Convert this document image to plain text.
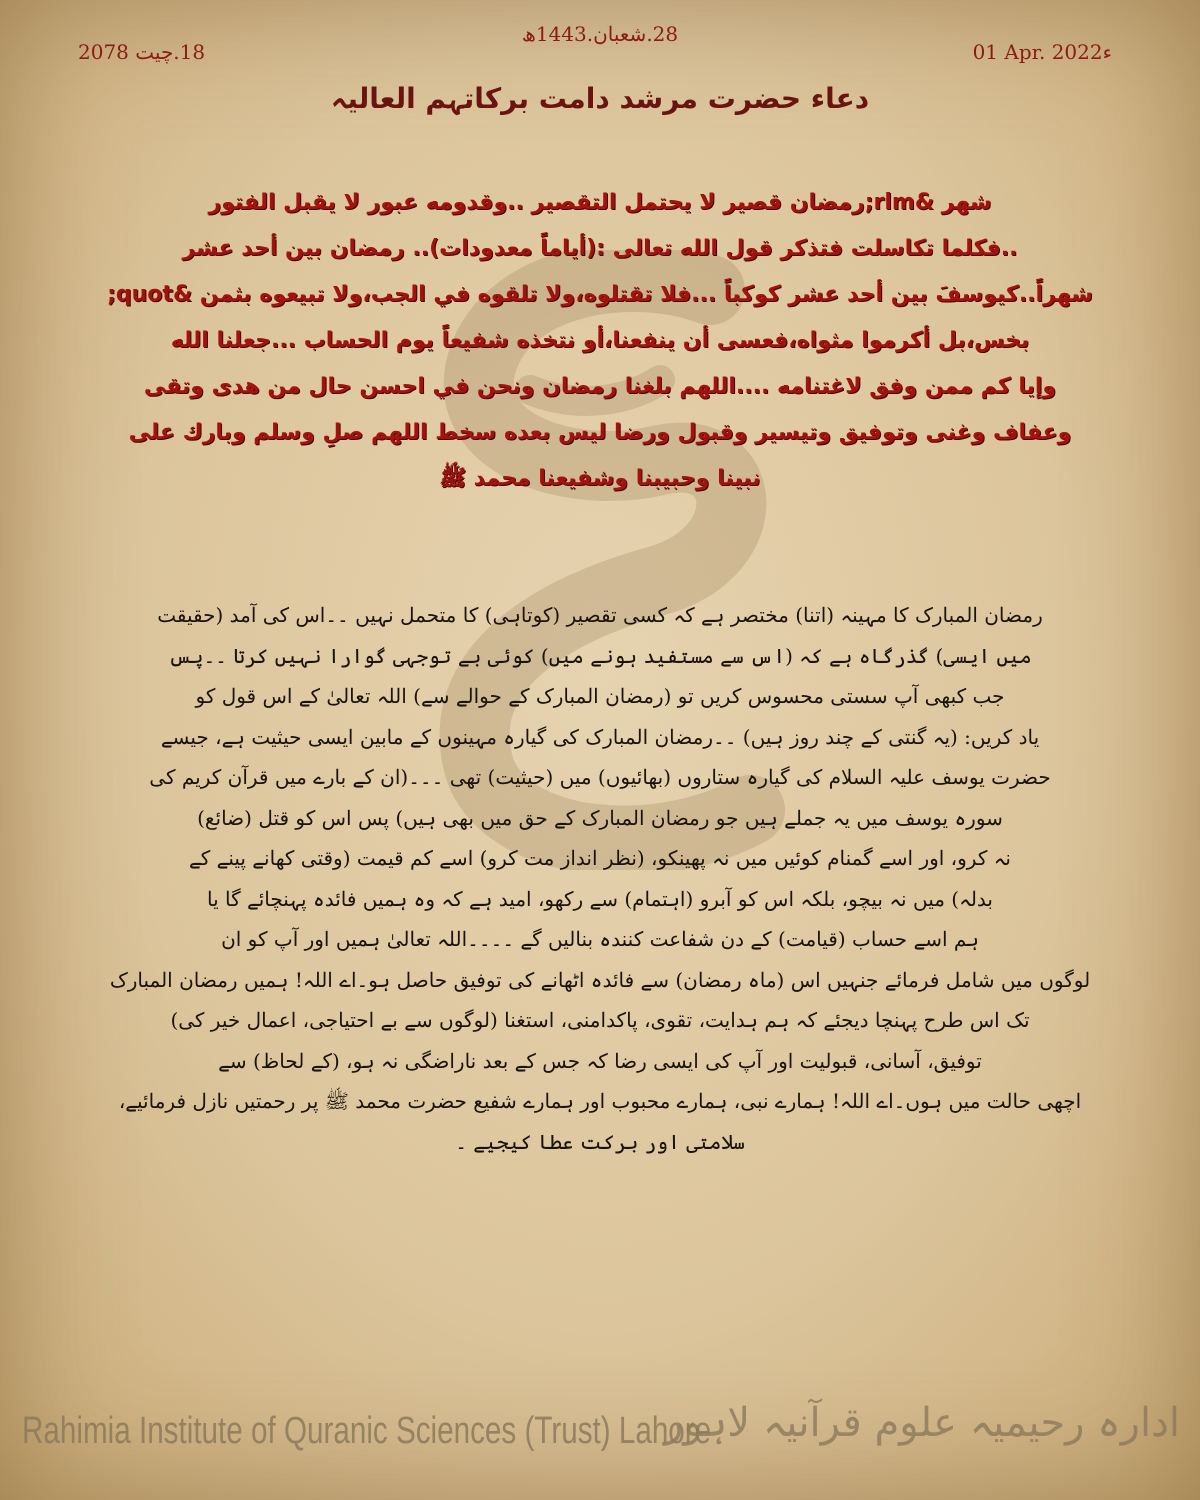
18.چیت 2078
28.شعبان.1443ھ
01 Apr. 2022ء
دعاء حضرت مرشد دامت برکاتہم العالیہ
شهر &rlm;رمضان قصير لا يحتمل التقصير ..وقدومه عبور لا يقبل الفتور
..فكلما تكاسلت فتذكر قول الله تعالى :(أياماً معدودات).. رمضان بين أحد عشر
شهراً..كيوسفَ بين أحد عشر كوكباً ...فلا تقتلوه،ولا تلقوه في الجب،ولا تبيعوه بثمن &quot;
بخس،بل أكرموا مثواه،فعسى أن ينفعنا،أو نتخذه شفيعاً يوم الحساب ...جعلنا الله
وإيا كم ممن وفق لاغتنامه ....اللهم بلغنا رمضان ونحن في احسن حال من هدى وتقى
وعفاف وغنى وتوفيق وتيسير وقبول ورضا ليس بعده سخط اللهم صلِ وسلم وبارك على
نبينا وحبيبنا وشفيعنا محمد ﷺ
رمضان المبارک کا مہینہ (اتنا) مختصر ہے کہ کسی تقصیر (کوتاہی) کا متحمل نہیں ۔۔اس کی آمد (حقیقت
میں ایسی) گذرگاہ ہے کہ (اس سے مستفید ہونے میں) کوئی بے توجہی گوارا نہیں کرتا ۔۔پس
جب کبھی آپ سستی محسوس کریں تو (رمضان المبارک کے حوالے سے) اللہ تعالیٰ کے اس قول کو
یاد کریں: (یہ گنتی کے چند روز ہیں) ۔۔رمضان المبارک کی گیارہ مہینوں کے مابین ایسی حیثیت ہے، جیسے
حضرت یوسف علیہ السلام کی گیارہ ستاروں (بھائیوں) میں (حیثیت) تھی ۔۔۔(ان کے بارے میں قرآن کریم کی
سورہ یوسف میں یہ جملے ہیں جو رمضان المبارک کے حق میں بھی ہیں) پس اس کو قتل (ضائع)
نہ کرو، اور اسے گمنام کوئیں میں نہ پھینکو، (نظر انداز مت کرو) اسے کم قیمت (وقتی کھانے پینے کے
بدلہ) میں نہ بیچو، بلکہ اس کو آبرو (اہتمام) سے رکھو، امید ہے کہ وہ ہمیں فائدہ پہنچائے گا یا
ہم اسے حساب (قیامت) کے دن شفاعت کنندہ بنالیں گے ۔۔۔۔اللہ تعالیٰ ہمیں اور آپ کو ان
لوگوں میں شامل فرمائے جنہیں اس (ماہ رمضان) سے فائدہ اٹھانے کی توفیق حاصل ہو۔اے اللہ! ہمیں رمضان المبارک
تک اس طرح پہنچا دیجئے کہ ہم ہدایت، تقوی، پاکدامنی، استغنا (لوگوں سے بے احتیاجی، اعمال خیر کی)
توفیق، آسانی، قبولیت اور آپ کی ایسی رضا کہ جس کے بعد ناراضگی نہ ہو، (کے لحاظ) سے
اچھی حالت میں ہوں۔اے اللہ! ہمارے نبی، ہمارے محبوب اور ہمارے شفیع حضرت محمد ﷺ پر رحمتیں نازل فرمائیے،
سلامتی اور برکت عطا کیجیے ۔
Rahimia Institute of Quranic Sciences (Trust) Lahore
ادارہ رحیمیہ علوم قرآنیہ لاہور
